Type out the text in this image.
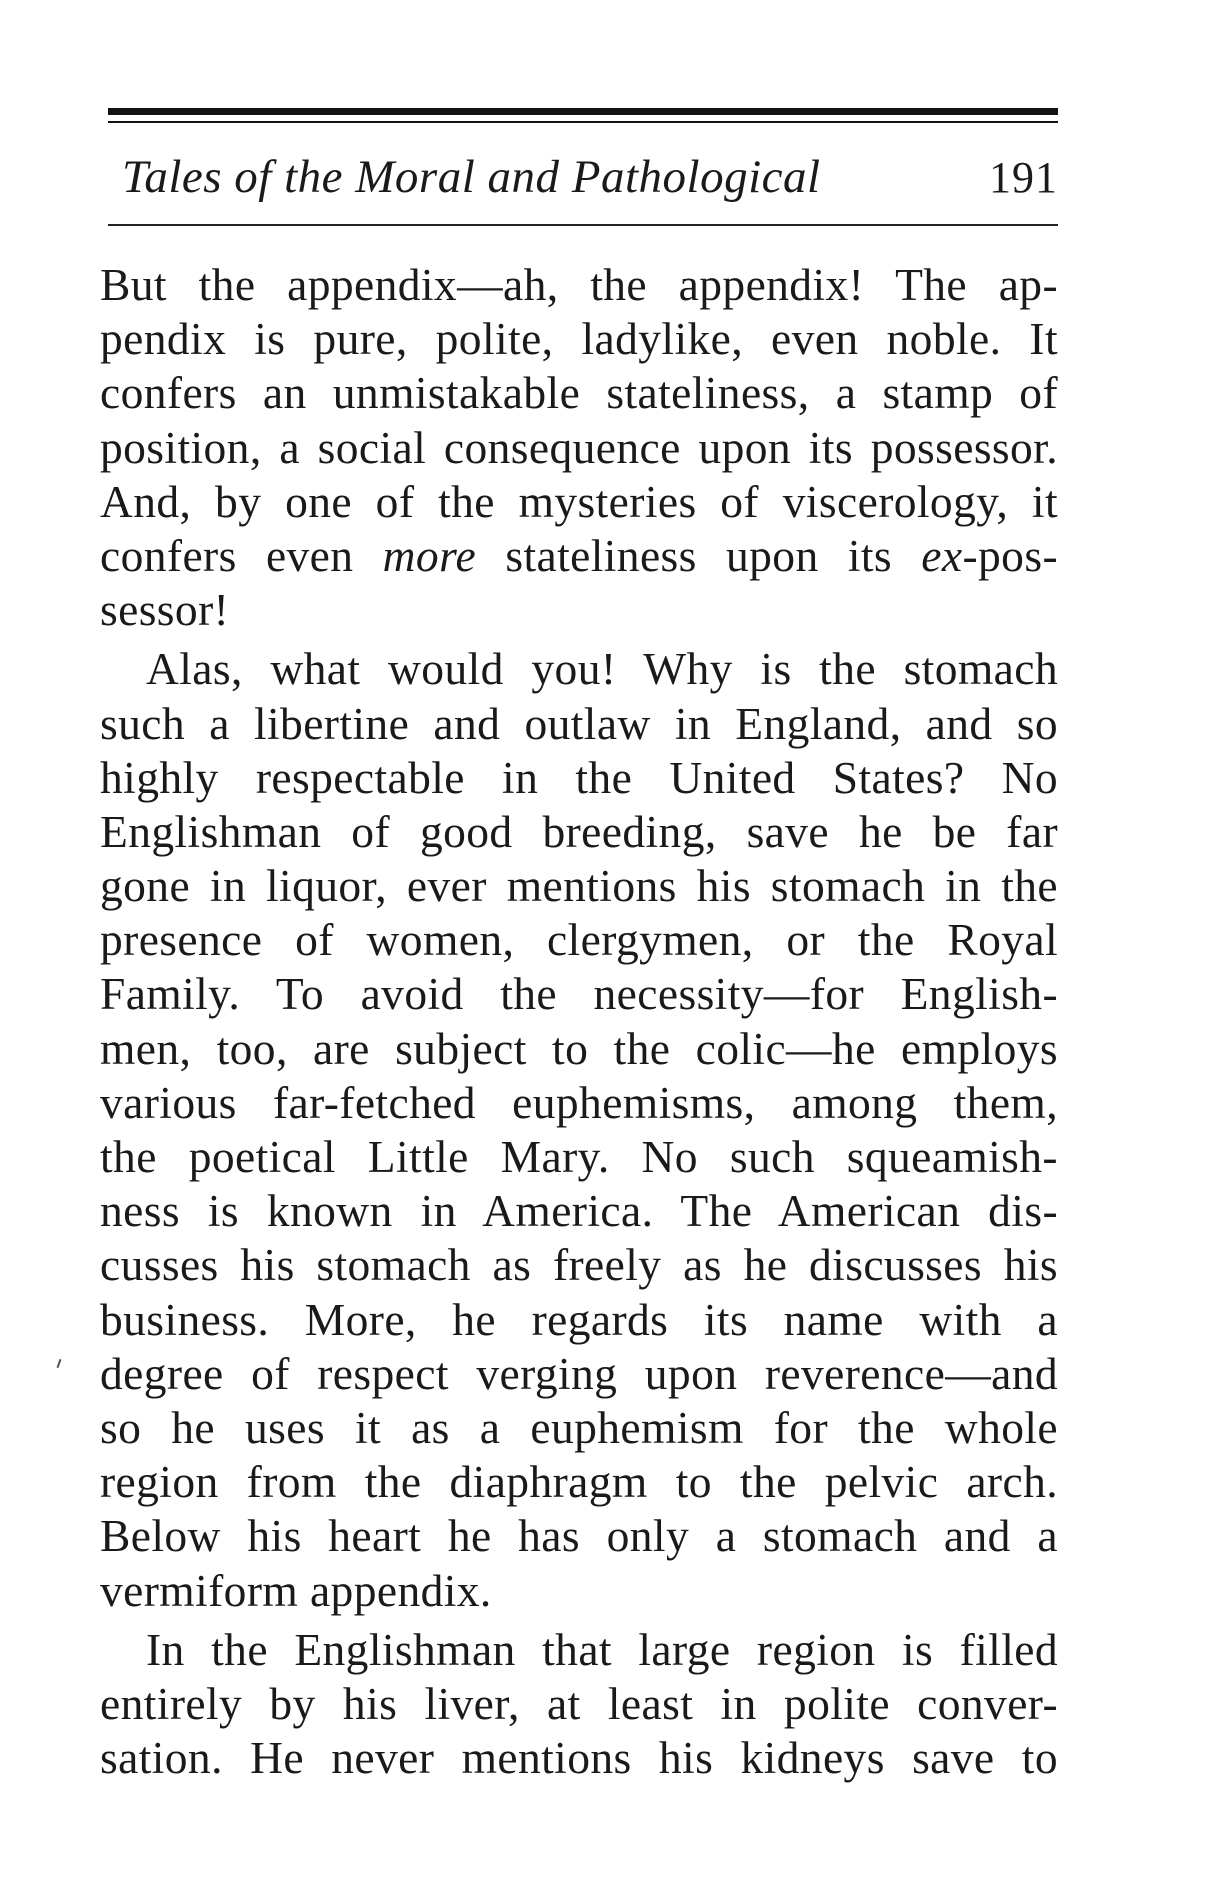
Tales of the Moral and Pathological	191
But the appendix—ah, the appendix! The ap-
pendix is pure, polite, ladylike, even noble. It
confers an unmistakable stateliness, a stamp of
position, a social consequence upon its possessor.
And, by one of the mysteries of viscerology, it
confers even more stateliness upon its ex-pos-
sessor!
Alas, what would you! Why is the stomach
such a libertine and outlaw in England, and so
highly respectable in the United States? No
Englishman of good breeding, save he be far
gone in liquor, ever mentions his stomach in the
presence of women, clergymen, or the Royal
Family. To avoid the necessity—for English-
men, too, are subject to the colic—he employs
various far-fetched euphemisms, among them,
the poetical Little Mary. No such squeamish-
ness is known in America. The American dis-
cusses his stomach as freely as he discusses his
business. More, he regards its name with a
degree of respect verging upon reverence—and
so he uses it as a euphemism for the whole
region from the diaphragm to the pelvic arch.
Below his heart he has only a stomach and a
vermiform appendix.
In the Englishman that large region is filled
entirely by his liver, at least in polite conver-
sation. He never mentions his kidneys save to
